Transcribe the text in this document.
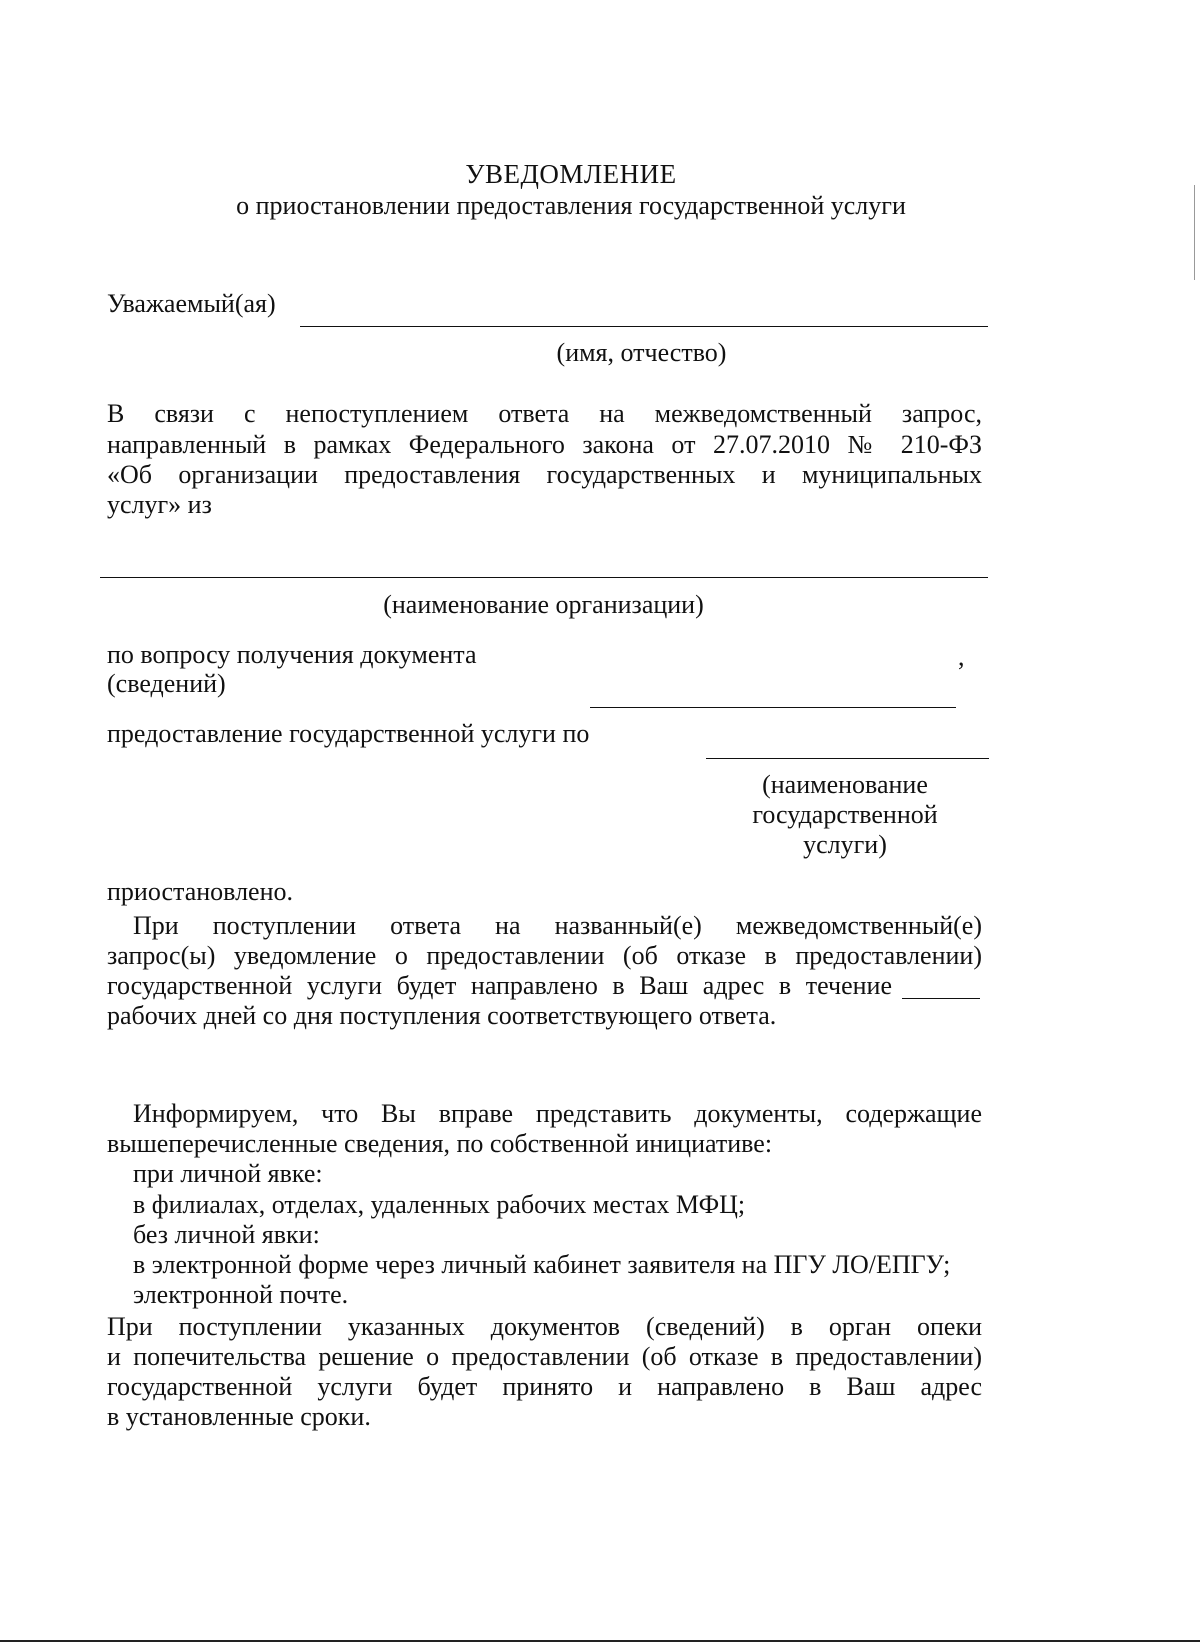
УВЕДОМЛЕНИЕ
о приостановлении предоставления государственной услуги
Уважаемый(ая)
(имя, отчество)
В связи с непоступлением ответа на межведомственный запрос,
направленный в рамках Федерального закона от 27.07.2010 № 210-ФЗ
«Об организации предоставления государственных и муниципальных
услуг» из
(наименование организации)
по вопросу получения документа	,
(сведений)
предоставление государственной услуги по
(наименование
государственной
услуги)
приостановлено.
При поступлении ответа на названный(е) межведомственный(е)
запрос(ы) уведомление о предоставлении (об отказе в предоставлении)
государственной услуги будет направлено в Ваш адрес в течение
рабочих дней со дня поступления соответствующего ответа.
Информируем, что Вы вправе представить документы, содержащие
вышеперечисленные сведения, по собственной инициативе:
при личной явке:
в филиалах, отделах, удаленных рабочих местах МФЦ;
без личной явки:
в электронной форме через личный кабинет заявителя на ПГУ ЛО/ЕПГУ;
электронной почте.
При поступлении указанных документов (сведений) в орган опеки
и попечительства решение о предоставлении (об отказе в предоставлении)
государственной услуги будет принято и направлено в Ваш адрес
в установленные сроки.
